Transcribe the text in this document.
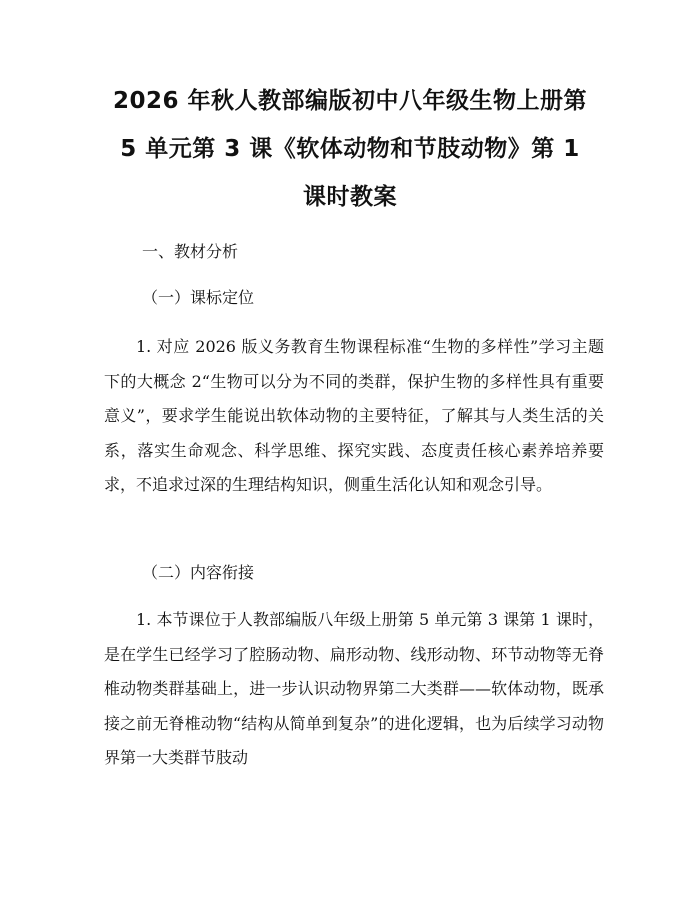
2026 年秋人教部编版初中八年级生物上册第
5 单元第 3 课《软体动物和节肢动物》第 1
课时教案
一、教材分析
（一）课标定位

1. 对应 2026 版义务教育生物课程标准“生物的多样性”学习主题下的大概念 2“生物可以分为不同的类群，保护生物的多样性具有重要意义”，要求学生能说出软体动物的主要特征，了解其与人类生活的关系，落实生命观念、科学思维、探究实践、态度责任核心素养培养要求，不追求过深的生理结构知识，侧重生活化认知和观念引导。

（二）内容衔接

1. 本节课位于人教部编版八年级上册第 5 单元第 3 课第 1 课时，是在学生已经学习了腔肠动物、扁形动物、线形动物、环节动物等无脊椎动物类群基础上，进一步认识动物界第二大类群——软体动物，既承接之前无脊椎动物“结构从简单到复杂”的进化逻辑，也为后续学习动物界第一大类群节肢动
